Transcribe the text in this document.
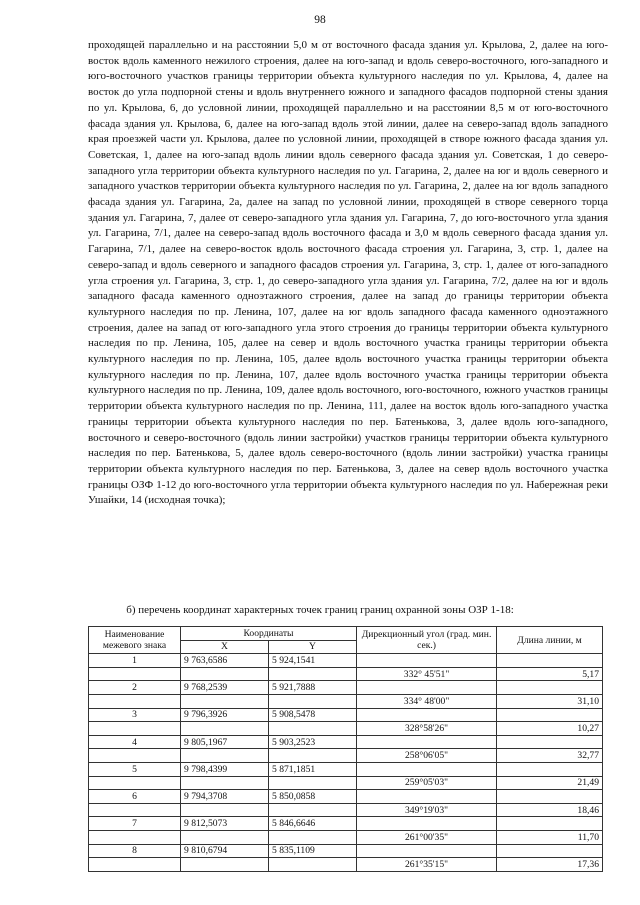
98

проходящей параллельно и на расстоянии 5,0 м от восточного фасада здания ул. Крылова, 2, далее на юго-восток вдоль каменного нежилого строения, далее на юго-запад и вдоль северо-восточного, юго-западного и юго-восточного участков границы территории объекта культурного наследия по ул. Крылова, 4, далее на восток до угла подпорной стены и вдоль внутреннего южного и западного фасадов подпорной стены здания по ул. Крылова, 6, до условной линии, проходящей параллельно и на расстоянии 8,5 м от юго-восточного фасада здания ул. Крылова, 6, далее на юго-запад вдоль этой линии, далее на северо-запад вдоль западного края проезжей части ул. Крылова, далее по условной линии, проходящей в створе южного фасада здания ул. Советская, 1, далее на юго-запад вдоль линии вдоль северного фасада здания ул. Советская, 1 до северо-западного угла территории объекта культурного наследия по ул. Гагарина, 2, далее на юг и вдоль северного и западного участков территории объекта культурного наследия по ул. Гагарина, 2, далее на юг вдоль западного фасада здания ул. Гагарина, 2а, далее на запад по условной линии, проходящей в створе северного торца здания ул. Гагарина, 7, далее от северо-западного угла здания ул. Гагарина, 7, до юго-восточного угла здания ул. Гагарина, 7/1, далее на северо-запад вдоль восточного фасада и 3,0 м вдоль северного фасада здания ул. Гагарина, 7/1, далее на северо-восток вдоль восточного фасада строения ул. Гагарина, 3, стр. 1, далее на северо-запад и вдоль северного и западного фасадов строения ул. Гагарина, 3, стр. 1, далее от юго-западного угла строения ул. Гагарина, 3, стр. 1, до северо-западного угла здания ул. Гагарина, 7/2, далее на юг и вдоль западного фасада каменного одноэтажного строения, далее на запад до границы территории объекта культурного наследия по пр. Ленина, 107, далее на юг вдоль западного фасада каменного одноэтажного строения, далее на запад от юго-западного угла этого строения до границы территории объекта культурного наследия по пр. Ленина, 105, далее на север и вдоль восточного участка границы территории объекта культурного наследия по пр. Ленина, 105, далее вдоль восточного участка границы территории объекта культурного наследия по пр. Ленина, 107, далее вдоль восточного участка границы территории объекта культурного наследия по пр. Ленина, 109, далее вдоль восточного, юго-восточного, южного участков границы территории объекта культурного наследия по пр. Ленина, 111, далее на восток вдоль юго-западного участка границы территории объекта культурного наследия по пер. Батенькова, 3, далее вдоль юго-западного, восточного и северо-восточного (вдоль линии застройки) участков границы территории объекта культурного наследия по пер. Батенькова, 5, далее вдоль северо-восточного (вдоль линии застройки) участка границы территории объекта культурного наследия по пер. Батенькова, 3, далее на север вдоль восточного участка границы ОЗФ 1-12 до юго-восточного угла территории объекта культурного наследия по ул. Набережная реки Ушайки, 14 (исходная точка);

б) перечень координат характерных точек границ границ охранной зоны ОЗР 1-18:

Наименование межевого знака	Координаты		Дирекционный угол (град. мин. сек.)	Длина линии, м
	X	Y		
1	9 763,6586	5 924,1541		
			332° 45'51"	5,17
2	9 768,2539	5 921,7888		
			334° 48'00"	31,10
3	9 796,3926	5 908,5478		
			328°58'26"	10,27
4	9 805,1967	5 903,2523		
			258°06'05"	32,77
5	9 798,4399	5 871,1851		
			259°05'03"	21,49
6	9 794,3708	5 850,0858		
			349°19'03"	18,46
7	9 812,5073	5 846,6646		
			261°00'35"	11,70
8	9 810,6794	5 835,1109		
			261°35'15"	17,36
